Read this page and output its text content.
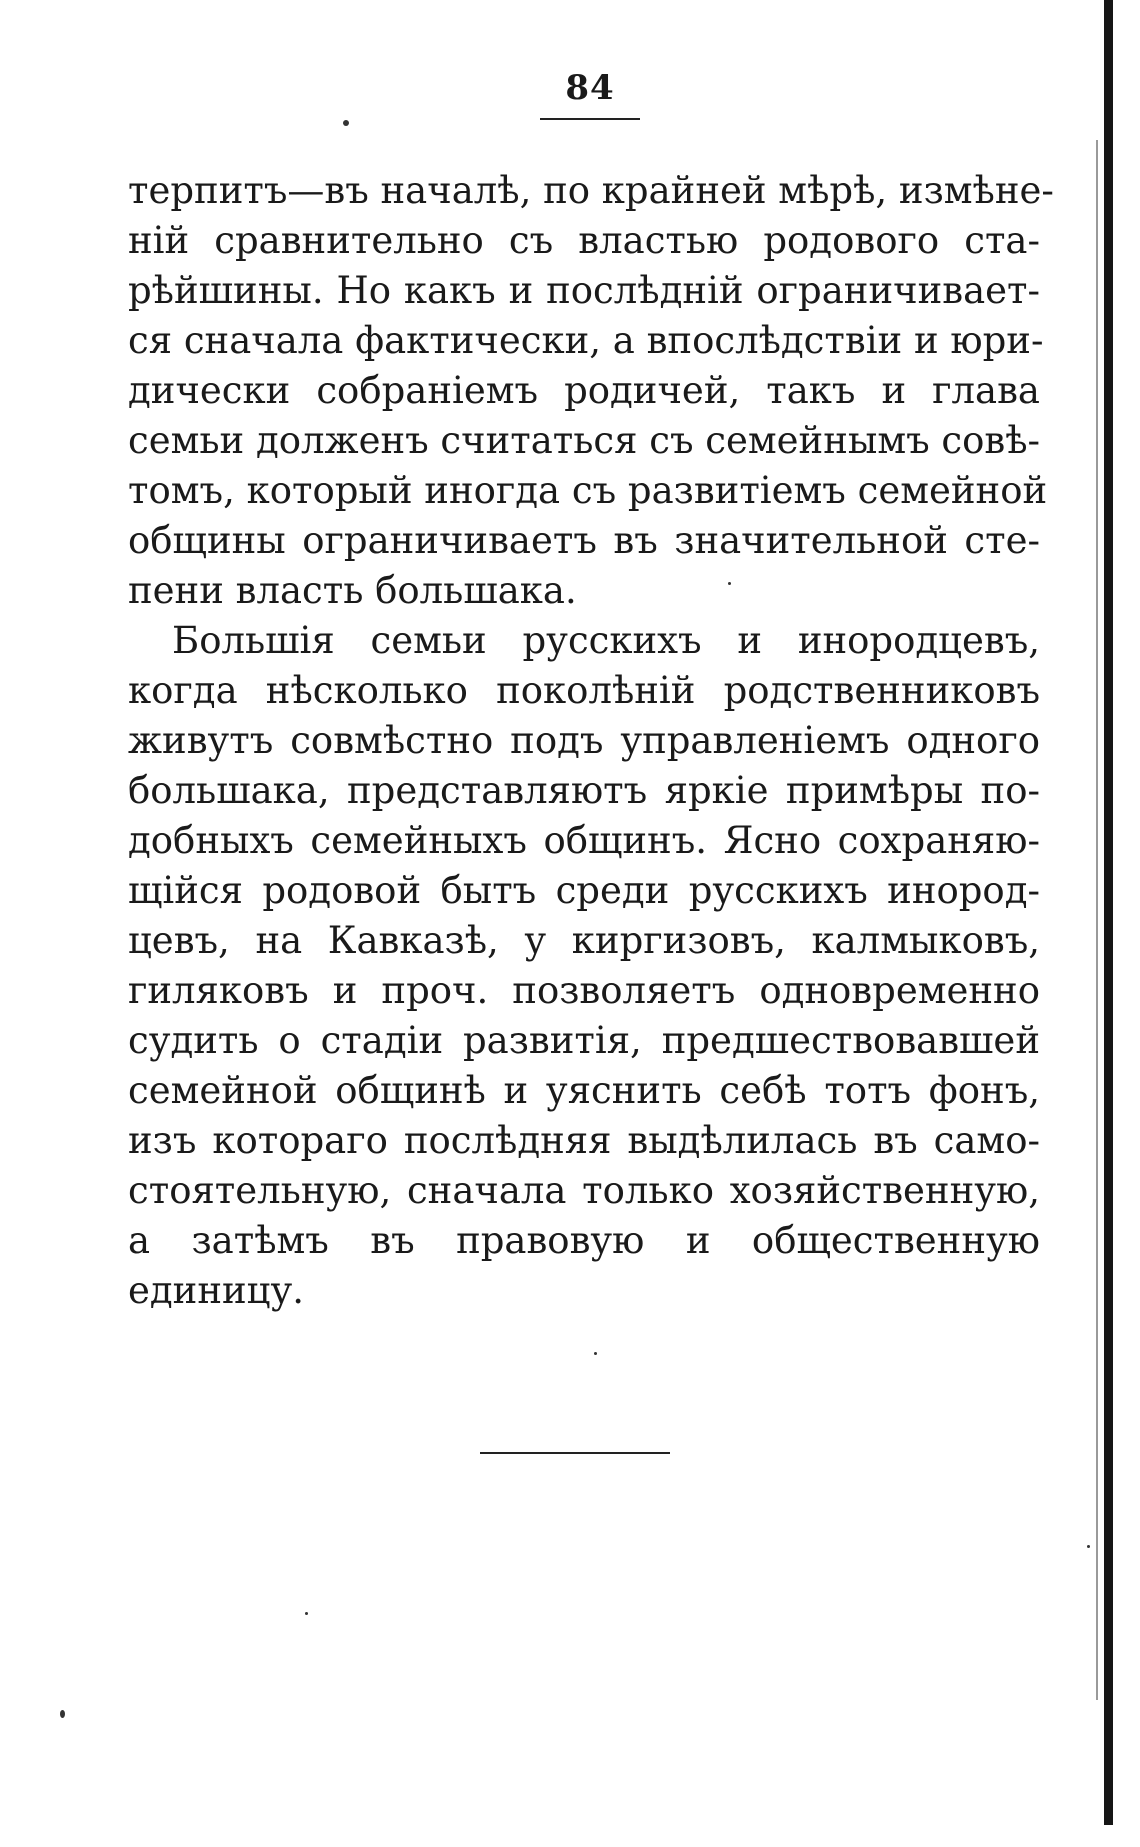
84
терпитъ—въ началѣ, по крайней мѣрѣ, измѣне-
нiй сравнительно съ властью родового ста-
рѣйшины. Но какъ и послѣднiй ограничивает-
ся сначала фактически, а впослѣдствiи и юри-
дически собранiемъ родичей, такъ и глава
семьи долженъ считаться съ семейнымъ совѣ-
томъ, который иногда съ развитiемъ семейной
общины ограничиваетъ въ значительной сте-
пени власть большака.
Большiя семьи русскихъ и инородцевъ,
когда нѣсколько поколѣнiй родственниковъ
живутъ совмѣстно подъ управленiемъ одного
большака, представляютъ яркiе примѣры по-
добныхъ семейныхъ общинъ. Ясно сохраняю-
щiйся родовой бытъ среди русскихъ инород-
цевъ, на Кавказѣ, у киргизовъ, калмыковъ,
гиляковъ и проч. позволяетъ одновременно
судить о стадiи развитiя, предшествовавшей
семейной общинѣ и уяснить себѣ тотъ фонъ,
изъ котораго послѣдняя выдѣлилась въ само-
стоятельную, сначала только хозяйственную,
а затѣмъ въ правовую и общественную
единицу.
